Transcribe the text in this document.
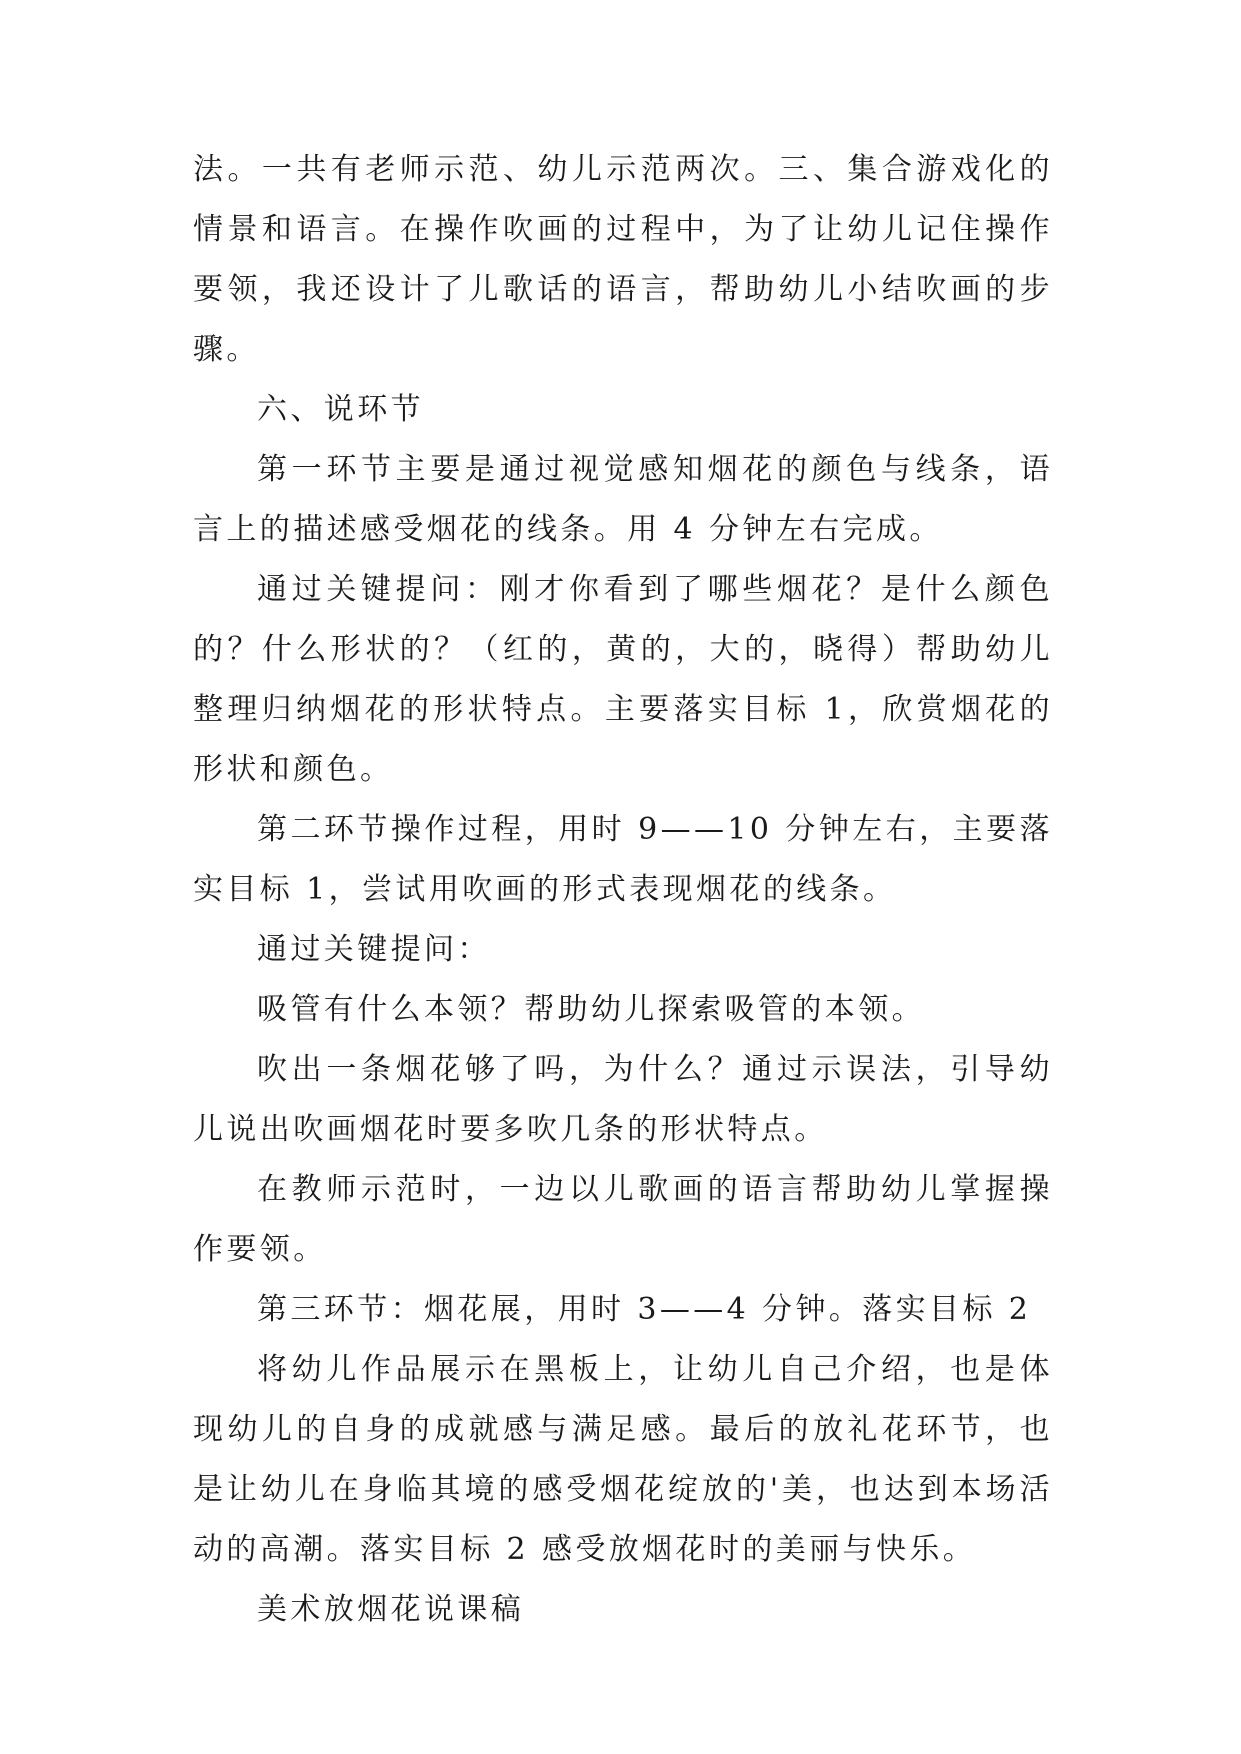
法。一共有老师示范、幼儿示范两次。三、集合游戏化的情景和语言。在操作吹画的过程中，为了让幼儿记住操作要领，我还设计了儿歌话的语言，帮助幼儿小结吹画的步骤。

六、说环节

第一环节主要是通过视觉感知烟花的颜色与线条，语言上的描述感受烟花的线条。用 4 分钟左右完成。

通过关键提问：刚才你看到了哪些烟花？是什么颜色的？什么形状的？（红的，黄的，大的，晓得）帮助幼儿整理归纳烟花的形状特点。主要落实目标 1，欣赏烟花的形状和颜色。

第二环节操作过程，用时 9——10 分钟左右，主要落实目标 1，尝试用吹画的形式表现烟花的线条。

通过关键提问：

吸管有什么本领？帮助幼儿探索吸管的本领。

吹出一条烟花够了吗，为什么？通过示误法，引导幼儿说出吹画烟花时要多吹几条的形状特点。

在教师示范时，一边以儿歌画的语言帮助幼儿掌握操作要领。

第三环节：烟花展，用时 3——4 分钟。落实目标 2

将幼儿作品展示在黑板上，让幼儿自己介绍，也是体现幼儿的自身的成就感与满足感。最后的放礼花环节，也是让幼儿在身临其境的感受烟花绽放的'美，也达到本场活动的高潮。落实目标 2 感受放烟花时的美丽与快乐。

美术放烟花说课稿
